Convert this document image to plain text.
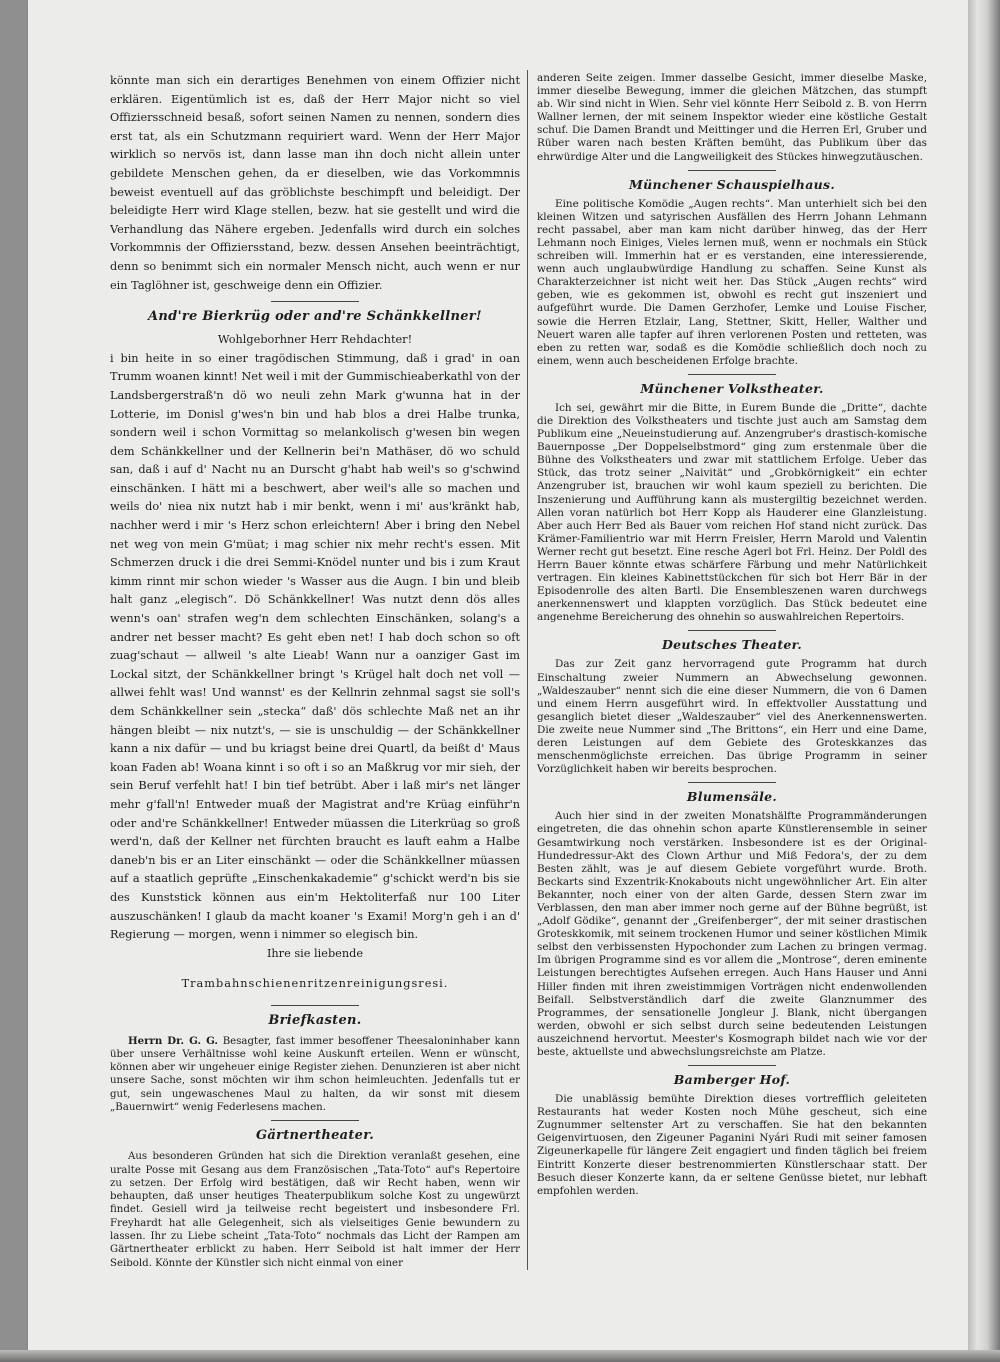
könnte man sich ein derartiges Benehmen von einem Offizier nicht erklären. Eigentümlich ist es, daß der Herr Major nicht so viel Offiziersschneid besaß, sofort seinen Namen zu nennen, sondern dies erst tat, als ein Schutzmann requiriert ward. Wenn der Herr Major wirklich so nervös ist, dann lasse man ihn doch nicht allein unter gebildete Menschen gehen, da er dieselben, wie das Vorkommnis beweist eventuell auf das gröblichste beschimpft und beleidigt. Der beleidigte Herr wird Klage stellen, bezw. hat sie gestellt und wird die Verhandlung das Nähere ergeben. Jedenfalls wird durch ein solches Vorkommnis der Offiziersstand, bezw. dessen Ansehen beeinträchtigt, denn so benimmt sich ein normaler Mensch nicht, auch wenn er nur ein Taglöhner ist, geschweige denn ein Offizier.

And're Bierkrüg oder and're Schänkkellner!

Wohlgeborhner Herr Rehdachter!

i bin heite in so einer tragödischen Stimmung, daß i grad' in oan Trumm woanen kinnt! Net weil i mit der Gummischieaberkathl von der Landsbergerstraß'n dö wo neuli zehn Mark g'wunna hat in der Lotterie, im Donisl g'wes'n bin und hab blos a drei Halbe trunka, sondern weil i schon Vormittag so melankolisch g'wesen bin wegen dem Schänkkellner und der Kellnerin bei'n Mathäser, dö wo schuld san, daß i auf d' Nacht nu an Durscht g'habt hab weil's so g'schwind einschänken. I hätt mi a beschwert, aber weil's alle so machen und weils do' niea nix nutzt hab i mir benkt, wenn i mi' aus'kränkt hab, nachher werd i mir 's Herz schon erleichtern! Aber i bring den Nebel net weg von mein G'müat; i mag schier nix mehr recht's essen. Mit Schmerzen druck i die drei Semmi-Knödel nunter und bis i zum Kraut kimm rinnt mir schon wieder 's Wasser aus die Augn. I bin und bleib halt ganz „elegisch“. Dö Schänkkellner! Was nutzt denn dös alles wenn's oan' strafen weg'n dem schlechten Einschänken, solang's a andrer net besser macht? Es geht eben net! I hab doch schon so oft zuag'schaut — allweil 's alte Lieab! Wann nur a oanziger Gast im Lockal sitzt, der Schänkkellner bringt 's Krügel halt doch net voll — allwei fehlt was! Und wannst' es der Kellnrin zehnmal sagst sie soll's dem Schänkkellner sein „stecka“ daß' dös schlechte Maß net an ihr hängen bleibt — nix nutzt's, — sie is unschuldig — der Schänkkellner kann a nix dafür — und bu kriagst beine drei Quartl, da beißt d' Maus koan Faden ab! Woana kinnt i so oft i so an Maßkrug vor mir sieh, der sein Beruf verfehlt hat! I bin tief betrübt. Aber i laß mir's net länger mehr g'fall'n! Entweder muaß der Magistrat and're Krüag einführ'n oder and're Schänkkellner! Entweder müassen die Literkrüag so groß werd'n, daß der Kellner net fürchten braucht es lauft eahm a Halbe daneb'n bis er an Liter einschänkt — oder die Schänkkellner müassen auf a staatlich geprüfte „Einschenkakademie“ g'schickt werd'n bis sie des Kunststick können aus ein'm Hektoliterfaß nur 100 Liter auszuschänken! I glaub da macht koaner 's Exami! Morg'n geh i an d' Regierung — morgen, wenn i nimmer so elegisch bin.

Ihre sie liebende

Trambahnschienenritzenreinigungsresi.

Briefkasten.

Herrn Dr. G. G. Besagter, fast immer besoffener Theesaloninhaber kann über unsere Verhältnisse wohl keine Auskunft erteilen. Wenn er wünscht, können aber wir ungeheuer einige Register ziehen. Denunzieren ist aber nicht unsere Sache, sonst möchten wir ihm schon heimleuchten. Jedenfalls tut er gut, sein ungewaschenes Maul zu halten, da wir sonst mit diesem „Bauernwirt“ wenig Federlesens machen.

Gärtnertheater.

Aus besonderen Gründen hat sich die Direktion veranlaßt gesehen, eine uralte Posse mit Gesang aus dem Französischen „Tata-Toto“ auf's Repertoire zu setzen. Der Erfolg wird bestätigen, daß wir Recht haben, wenn wir behaupten, daß unser heutiges Theaterpublikum solche Kost zu ungewürzt findet. Gesiell wird ja teilweise recht begeistert und insbesondere Frl. Freyhardt hat alle Gelegenheit, sich als vielseitiges Genie bewundern zu lassen. Ihr zu Liebe scheint „Tata-Toto“ nochmals das Licht der Rampen am Gärtnertheater erblickt zu haben. Herr Seibold ist halt immer der Herr Seibold. Könnte der Künstler sich nicht einmal von einer

anderen Seite zeigen. Immer dasselbe Gesicht, immer dieselbe Maske, immer dieselbe Bewegung, immer die gleichen Mätzchen, das stumpft ab. Wir sind nicht in Wien. Sehr viel könnte Herr Seibold z. B. von Herrn Wallner lernen, der mit seinem Inspektor wieder eine köstliche Gestalt schuf. Die Damen Brandt und Meittinger und die Herren Erl, Gruber und Rüber waren nach besten Kräften bemüht, das Publikum über das ehrwürdige Alter und die Langweiligkeit des Stückes hinwegzutäuschen.

Münchener Schauspielhaus.

Eine politische Komödie „Augen rechts“. Man unterhielt sich bei den kleinen Witzen und satyrischen Ausfällen des Herrn Johann Lehmann recht passabel, aber man kam nicht darüber hinweg, das der Herr Lehmann noch Einiges, Vieles lernen muß, wenn er nochmals ein Stück schreiben will. Immerhin hat er es verstanden, eine interessierende, wenn auch unglaubwürdige Handlung zu schaffen. Seine Kunst als Charakterzeichner ist nicht weit her. Das Stück „Augen rechts“ wird geben, wie es gekommen ist, obwohl es recht gut inszeniert und aufgeführt wurde. Die Damen Gerzhofer, Lemke und Louise Fischer, sowie die Herren Etzlair, Lang, Stettner, Skitt, Heller, Walther und Neuert waren alle tapfer auf ihren verlorenen Posten und retteten, was eben zu retten war, sodaß es die Komödie schließlich doch noch zu einem, wenn auch bescheidenen Erfolge brachte.

Münchener Volkstheater.

Ich sei, gewährt mir die Bitte, in Eurem Bunde die „Dritte“, dachte die Direktion des Volkstheaters und tischte just auch am Samstag dem Publikum eine „Neueinstudierung auf. Anzengruber's drastisch-komische Bauernposse „Der Doppelselbstmord“ ging zum erstenmale über die Bühne des Volkstheaters und zwar mit stattlichem Erfolge. Ueber das Stück, das trotz seiner „Naivität“ und „Grobkörnigkeit“ ein echter Anzengruber ist, brauchen wir wohl kaum speziell zu berichten. Die Inszenierung und Aufführung kann als mustergiltig bezeichnet werden. Allen voran natürlich bot Herr Kopp als Hauderer eine Glanzleistung. Aber auch Herr Bed als Bauer vom reichen Hof stand nicht zurück. Das Krämer-Familientrio war mit Herrn Freisler, Herrn Marold und Valentin Werner recht gut besetzt. Eine resche Agerl bot Frl. Heinz. Der Poldl des Herrn Bauer könnte etwas schärfere Färbung und mehr Natürlichkeit vertragen. Ein kleines Kabinettstückchen für sich bot Herr Bär in der Episodenrolle des alten Bartl. Die Ensembleszenen waren durchwegs anerkennenswert und klappten vorzüglich. Das Stück bedeutet eine angenehme Bereicherung des ohnehin so auswahlreichen Repertoirs.

Deutsches Theater.

Das zur Zeit ganz hervorragend gute Programm hat durch Einschaltung zweier Nummern an Abwechselung gewonnen. „Waldeszauber“ nennt sich die eine dieser Nummern, die von 6 Damen und einem Herrn ausgeführt wird. In effektvoller Ausstattung und gesanglich bietet dieser „Waldeszauber“ viel des Anerkennenswerten. Die zweite neue Nummer sind „The Brittons“, ein Herr und eine Dame, deren Leistungen auf dem Gebiete des Groteskkanzes das menschenmöglichste erreichen. Das übrige Programm in seiner Vorzüglichkeit haben wir bereits besprochen.

Blumensäle.

Auch hier sind in der zweiten Monatshälfte Programmänderungen eingetreten, die das ohnehin schon aparte Künstlerensemble in seiner Gesamtwirkung noch verstärken. Insbesondere ist es der Original-Hundedressur-Akt des Clown Arthur und Miß Fedora's, der zu dem Besten zählt, was je auf diesem Gebiete vorgeführt wurde. Broth. Beckarts sind Exzentrik-Knokabouts nicht ungewöhnlicher Art. Ein alter Bekannter, noch einer von der alten Garde, dessen Stern zwar im Verblassen, den man aber immer noch gerne auf der Bühne begrüßt, ist „Adolf Gödike“, genannt der „Greifenberger“, der mit seiner drastischen Groteskkomik, mit seinem trockenen Humor und seiner köstlichen Mimik selbst den verbissensten Hypochonder zum Lachen zu bringen vermag. Im übrigen Programme sind es vor allem die „Montrose“, deren eminente Leistungen berechtigtes Aufsehen erregen. Auch Hans Hauser und Anni Hiller finden mit ihren zweistimmigen Vorträgen nicht endenwollenden Beifall. Selbstverständlich darf die zweite Glanznummer des Programmes, der sensationelle Jongleur J. Blank, nicht übergangen werden, obwohl er sich selbst durch seine bedeutenden Leistungen auszeichnend hervortut. Meester's Kosmograph bildet nach wie vor der beste, aktuellste und abwechslungsreichste am Platze.

Bamberger Hof.

Die unablässig bemühte Direktion dieses vortrefflich geleiteten Restaurants hat weder Kosten noch Mühe gescheut, sich eine Zugnummer seltenster Art zu verschaffen. Sie hat den bekannten Geigenvirtuosen, den Zigeuner Paganini Nyári Rudi mit seiner famosen Zigeunerkapelle für längere Zeit engagiert und finden täglich bei freiem Eintritt Konzerte dieser bestrenommierten Künstlerschaar statt. Der Besuch dieser Konzerte kann, da er seltene Genüsse bietet, nur lebhaft empfohlen werden.
